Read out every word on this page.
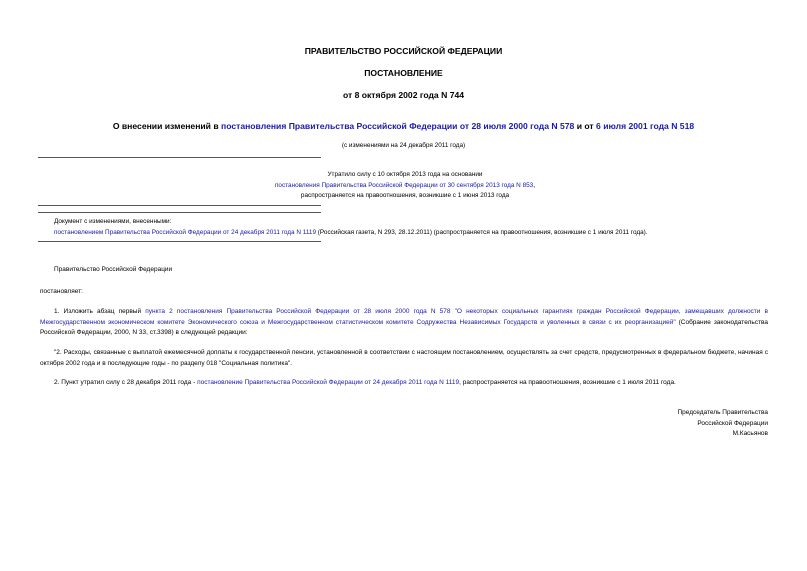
ПРАВИТЕЛЬСТВО РОССИЙСКОЙ ФЕДЕРАЦИИ
ПОСТАНОВЛЕНИЕ
от 8 октября 2002 года N 744
О внесении изменений в постановления Правительства Российской Федерации от 28 июля 2000 года N 578 и от 6 июля 2001 года N 518
(с изменениями на 24 декабря 2011 года)
Утратило силу с 10 октября 2013 года на основании
постановления Правительства Российской Федерации от 30 сентября 2013 года N 853,
распространяется на правоотношения, возникшие с 1 июня 2013 года
Документ с изменениями, внесенными:
постановлением Правительства Российской Федерации от 24 декабря 2011 года N 1119 (Российская газета, N 293, 28.12.2011) (распространяется на правоотношения, возникшие с 1 июля 2011 года).
Правительство Российской Федерации
постановляет:
1. Изложить абзац первый пункта 2 постановления Правительства Российской Федерации от 28 июля 2000 года N 578 "О некоторых социальных гарантиях граждан Российской Федерации, замещавших должности в Межгосударственном экономическом комитете Экономического союза и Межгосударственном статистическом комитете Содружества Независимых Государств и уволенных в связи с их реорганизацией" (Собрание законодательства Российской Федерации, 2000, N 33, ст.3398) в следующей редакции:
"2. Расходы, связанные с выплатой ежемесячной доплаты к государственной пенсии, установленной в соответствии с настоящим постановлением, осуществлять за счет средств, предусмотренных в федеральном бюджете, начиная с октября 2002 года и в последующие годы - по разделу 018 "Социальная политика".
2. Пункт утратил силу с 28 декабря 2011 года - постановление Правительства Российской Федерации от 24 декабря 2011 года N 1119, распространяется на правоотношения, возникшие с 1 июля 2011 года.
Председатель Правительства
Российской Федерации
М.Касьянов
